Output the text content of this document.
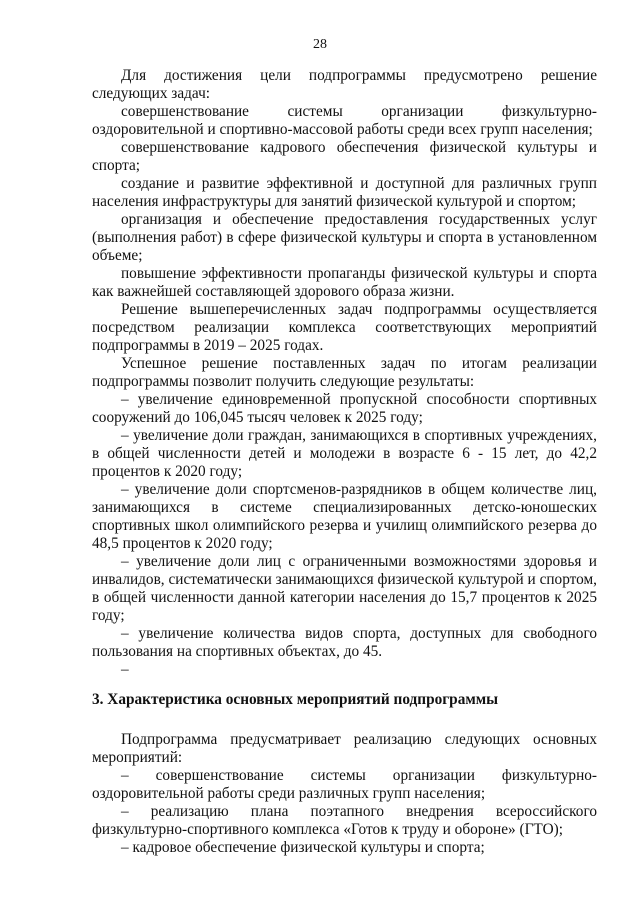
28

Для достижения цели подпрограммы предусмотрено решение следующих задач:

совершенствование системы организации физкультурно-оздоровительной и спортивно-массовой работы среди всех групп населения;

совершенствование кадрового обеспечения физической культуры и спорта;

создание и развитие эффективной и доступной для различных групп населения инфраструктуры для занятий физической культурой и спортом;

организация и обеспечение предоставления государственных услуг (выполнения работ) в сфере физической культуры и спорта в установленном объеме;

повышение эффективности пропаганды физической культуры и спорта как важнейшей составляющей здорового образа жизни.

Решение вышеперечисленных задач подпрограммы осуществляется посредством реализации комплекса соответствующих мероприятий подпрограммы в 2019 – 2025 годах.

Успешное решение поставленных задач по итогам реализации подпрограммы позволит получить следующие результаты:

– увеличение единовременной пропускной способности спортивных сооружений до 106,045 тысяч человек к 2025 году;

– увеличение доли граждан, занимающихся в спортивных учреждениях, в общей численности детей и молодежи в возрасте 6 - 15 лет, до 42,2 процентов к 2020 году;

– увеличение доли спортсменов-разрядников в общем количестве лиц, занимающихся в системе специализированных детско-юношеских спортивных школ олимпийского резерва и училищ олимпийского резерва до 48,5 процентов к 2020 году;

– увеличение доли лиц с ограниченными возможностями здоровья и инвалидов, систематически занимающихся физической культурой и спортом, в общей численности данной категории населения до 15,7 процентов к 2025 году;

– увеличение количества видов спорта, доступных для свободного пользования на спортивных объектах, до 45.

–

3. Характеристика основных мероприятий подпрограммы

Подпрограмма предусматривает реализацию следующих основных мероприятий:

– совершенствование системы организации физкультурно-оздоровительной работы среди различных групп населения;

– реализацию плана поэтапного внедрения всероссийского физкультурно-спортивного комплекса «Готов к труду и обороне» (ГТО);

– кадровое обеспечение физической культуры и спорта;
